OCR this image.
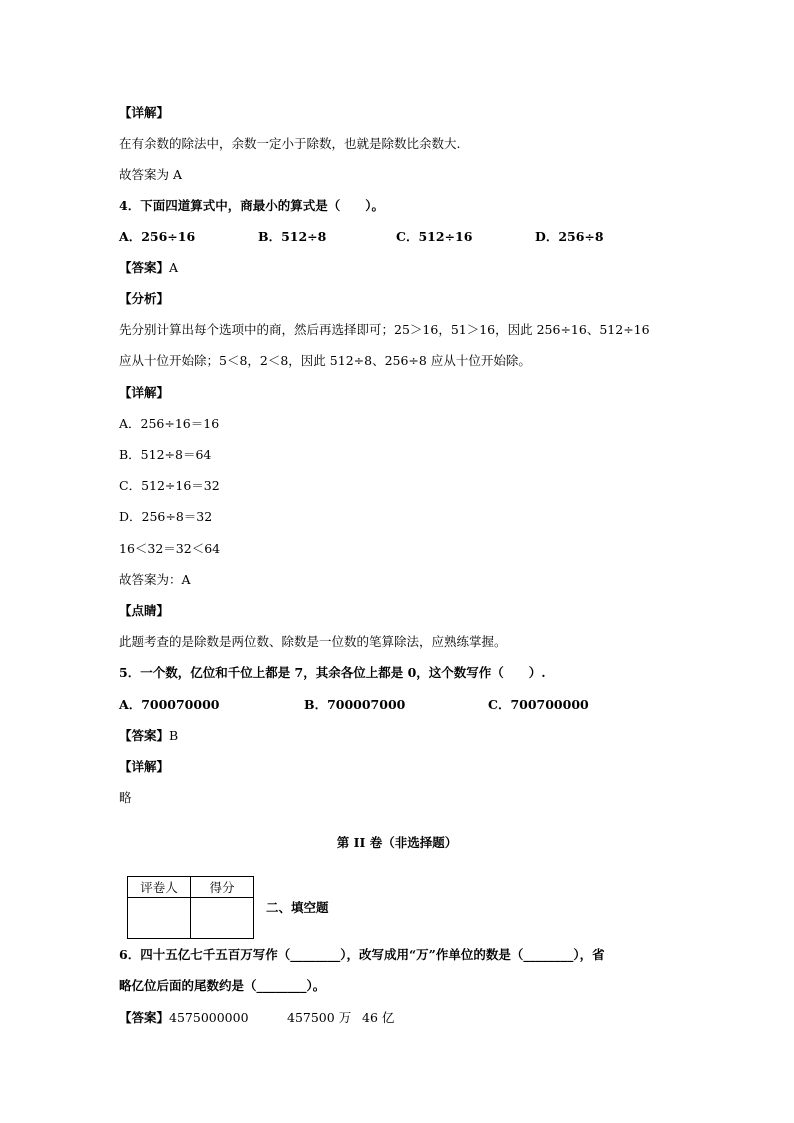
【详解】
在有余数的除法中，余数一定小于除数，也就是除数比余数大.
故答案为 A
4．下面四道算式中，商最小的算式是（　　）。
A．256÷16	B．512÷8	C．512÷16	D．256÷8
【答案】A
【分析】
先分别计算出每个选项中的商，然后再选择即可；25＞16，51＞16，因此 256÷16、512÷16
应从十位开始除；5＜8，2＜8，因此 512÷8、256÷8 应从十位开始除。
【详解】
A．256÷16＝16
B．512÷8＝64
C．512÷16＝32
D．256÷8＝32
16＜32＝32＜64
故答案为：A
【点睛】
此题考查的是除数是两位数、除数是一位数的笔算除法，应熟练掌握。
5．一个数，亿位和千位上都是 7，其余各位上都是 0，这个数写作（　　）.
A．700070000	B．700007000	C．700700000
【答案】B
【详解】
略
第 II 卷（非选择题）
评卷人	得分

二、填空题
6．四十五亿七千五百万写作（________），改写成用“万”作单位的数是（________），省
略亿位后面的尾数约是（________）。
【答案】4575000000	457500 万 46 亿
